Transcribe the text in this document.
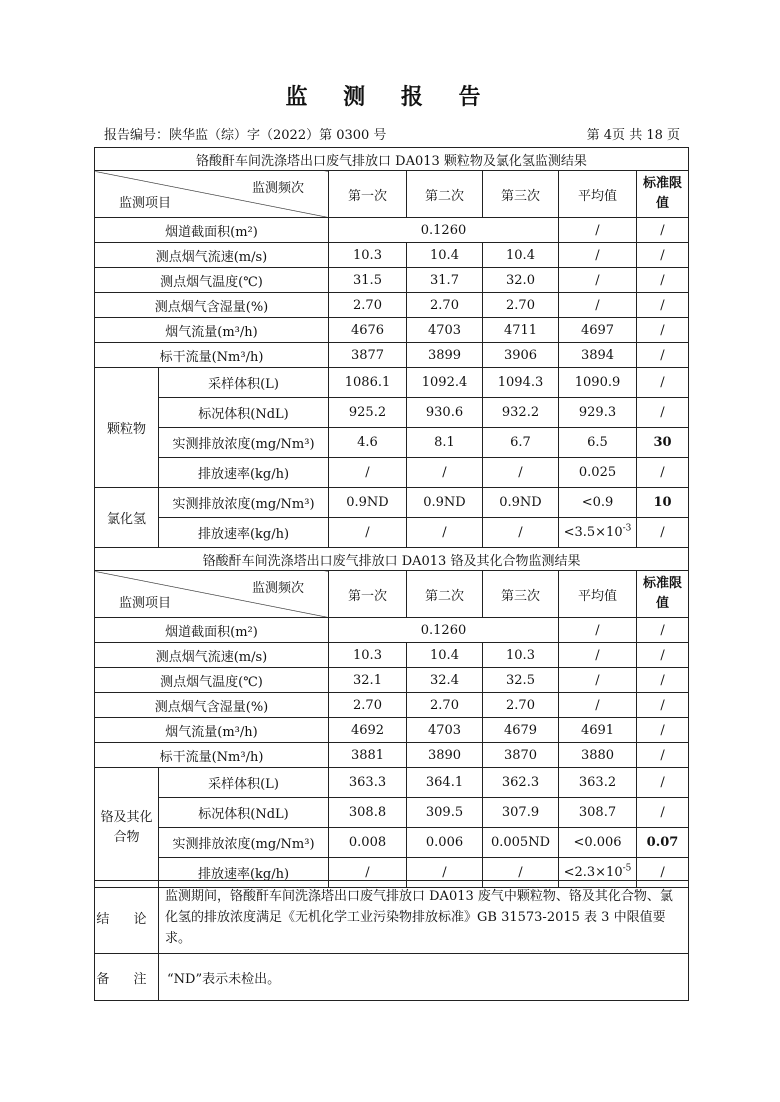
监 测 报 告
报告编号：陕华监（综）字（2022）第 0300 号	第 4页 共 18 页
铬酸酐车间洗涤塔出口废气排放口 DA013 颗粒物及氯化氢监测结果						

监测频次
监测项目		第一次	第二次	第三次	平均值	标准限值
烟道截面积(m²)		0.1260			/	/
测点烟气流速(m/s)		10.3	10.4	10.4	/	/
测点烟气温度(℃)		31.5	31.7	32.0	/	/
测点烟气含湿量(%)		2.70	2.70	2.70	/	/
烟气流量(m³/h)		4676	4703	4711	4697	/
标干流量(Nm³/h)		3877	3899	3906	3894	/
颗粒物	采样体积(L)	1086.1	1092.4	1094.3	1090.9	/
	标况体积(NdL)	925.2	930.6	932.2	929.3	/
	实测排放浓度(mg/Nm³)	4.6	8.1	6.7	6.5	30
	排放速率(kg/h)	/	/	/	0.025	/
氯化氢	实测排放浓度(mg/Nm³)	0.9ND	0.9ND	0.9ND	<0.9	10
	排放速率(kg/h)	/	/	/	$<3.5\times 10^{-3}$	/
铬酸酐车间洗涤塔出口废气排放口 DA013 铬及其化合物监测结果						

监测频次
监测项目		第一次	第二次	第三次	平均值	标准限值
烟道截面积(m²)		0.1260			/	/
测点烟气流速(m/s)		10.3	10.4	10.3	/	/
测点烟气温度(℃)		32.1	32.4	32.5	/	/
测点烟气含湿量(%)		2.70	2.70	2.70	/	/
烟气流量(m³/h)		4692	4703	4679	4691	/
标干流量(Nm³/h)		3881	3890	3870	3880	/
铬及其化合物	采样体积(L)	363.3	364.1	362.3	363.2	/
	标况体积(NdL)	308.8	309.5	307.9	308.7	/
	实测排放浓度(mg/Nm³)	0.008	0.006	0.005ND	<0.006	0.07
	排放速率(kg/h)	/	/	/	$<2.3\times 10^{-5}$	/
结 论	监测期间，铬酸酐车间洗涤塔出口废气排放口 DA013 废气中颗粒物、铬及其化合物、氯化氢的排放浓度满足《无机化学工业污染物排放标准》GB 31573-2015 表 3 中限值要求。
备 注	“ND”表示未检出。
